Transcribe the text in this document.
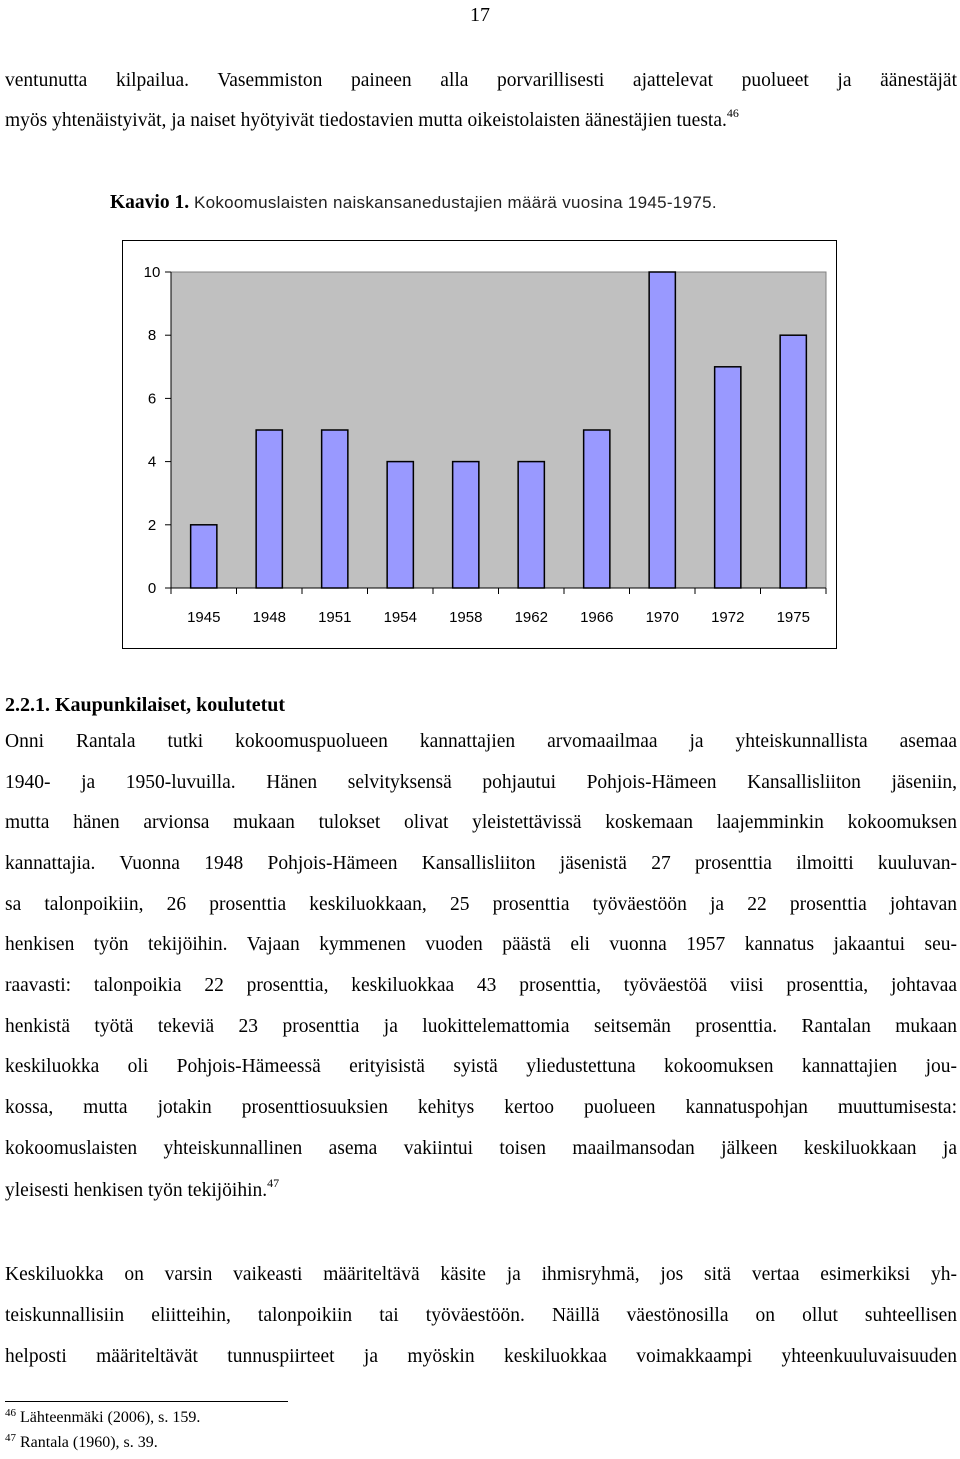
17
ventunutta kilpailua. Vasemmiston paineen alla porvarillisesti ajattelevat puolueet ja äänestäjät
myös yhtenäistyivät, ja naiset hyötyivät tiedostavien mutta oikeistolaisten äänestäjien tuesta.$^{46}$
Kaavio 1. Kokoomuslaisten naiskansanedustajien määrä vuosina 1945-1975.
0
2
4
6
8
10
1945 1948 1951 1954 1958 1962 1966 1970 1972 1975
2.2.1. Kaupunkilaiset, koulutetut
Onni Rantala tutki kokoomuspuolueen kannattajien arvomaailmaa ja yhteiskunnallista asemaa
1940- ja 1950-luvuilla. Hänen selvityksensä pohjautui Pohjois-Hämeen Kansallisliiton jäseniin,
mutta hänen arvionsa mukaan tulokset olivat yleistettävissä koskemaan laajemminkin kokoomuksen
kannattajia. Vuonna 1948 Pohjois-Hämeen Kansallisliiton jäsenistä 27 prosenttia ilmoitti kuuluvan-
sa talonpoikiin, 26 prosenttia keskiluokkaan, 25 prosenttia työväestöön ja 22 prosenttia johtavan
henkisen työn tekijöihin. Vajaan kymmenen vuoden päästä eli vuonna 1957 kannatus jakaantui seu-
raavasti: talonpoikia 22 prosenttia, keskiluokkaa 43 prosenttia, työväestöä viisi prosenttia, johtavaa
henkistä työtä tekeviä 23 prosenttia ja luokittelemattomia seitsemän prosenttia. Rantalan mukaan
keskiluokka oli Pohjois-Hämeessä erityisistä syistä yliedustettuna kokoomuksen kannattajien jou-
kossa, mutta jotakin prosenttiosuuksien kehitys kertoo puolueen kannatuspohjan muuttumisesta:
kokoomuslaisten yhteiskunnallinen asema vakiintui toisen maailmansodan jälkeen keskiluokkaan ja
yleisesti henkisen työn tekijöihin.$^{47}$
Keskiluokka on varsin vaikeasti määriteltävä käsite ja ihmisryhmä, jos sitä vertaa esimerkiksi yh-
teiskunnallisiin eliitteihin, talonpoikiin tai työväestöön. Näillä väestönosilla on ollut suhteellisen
helposti määriteltävät tunnuspiirteet ja myöskin keskiluokkaa voimakkaampi yhteenkuuluvaisuuden
$^{46}$ Lähteenmäki (2006), s. 159.
$^{47}$ Rantala (1960), s. 39.
